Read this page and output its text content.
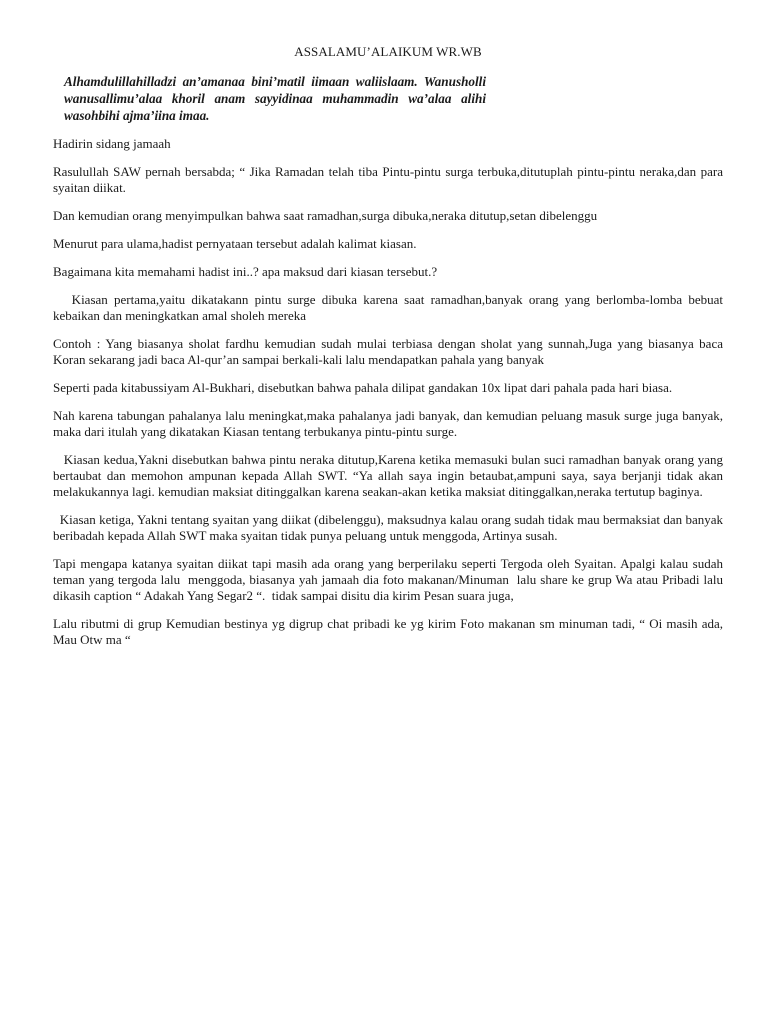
ASSALAMU’ALAIKUM WR.WB
Alhamdulillahilladzi an’amanaa bini’matil iimaan waliislaam. Wanusholli wanusallimu’alaa khoril anam sayyidinaa muhammadin wa’alaa alihi wasohbihi ajma’iina imaa.
Hadirin sidang jamaah
Rasulullah SAW pernah bersabda; “ Jika Ramadan telah tiba Pintu-pintu surga terbuka,ditutuplah pintu-pintu neraka,dan para syaitan diikat.
Dan kemudian orang menyimpulkan bahwa saat ramadhan,surga dibuka,neraka ditutup,setan dibelenggu
Menurut para ulama,hadist pernyataan tersebut adalah kalimat kiasan.
Bagaimana kita memahami hadist ini..? apa maksud dari kiasan tersebut.?
Kiasan pertama,yaitu dikatakann pintu surge dibuka karena saat ramadhan,banyak orang yang berlomba-lomba bebuat kebaikan dan meningkatkan amal sholeh mereka
Contoh : Yang biasanya sholat fardhu kemudian sudah mulai terbiasa dengan sholat yang sunnah,Juga yang biasanya baca Koran sekarang jadi baca Al-qur’an sampai berkali-kali lalu mendapatkan pahala yang banyak
Seperti pada kitabussiyam Al-Bukhari, disebutkan bahwa pahala dilipat gandakan 10x lipat dari pahala pada hari biasa.
Nah karena tabungan pahalanya lalu meningkat,maka pahalanya jadi banyak, dan kemudian peluang masuk surge juga banyak, maka dari itulah yang dikatakan Kiasan tentang terbukanya pintu-pintu surge.
Kiasan kedua,Yakni disebutkan bahwa pintu neraka ditutup,Karena ketika memasuki bulan suci ramadhan banyak orang yang bertaubat dan memohon ampunan kepada Allah SWT. “Ya allah saya ingin betaubat,ampuni saya, saya berjanji tidak akan melakukannya lagi. kemudian maksiat ditinggalkan karena seakan-akan ketika maksiat ditinggalkan,neraka tertutup baginya.
Kiasan ketiga, Yakni tentang syaitan yang diikat (dibelenggu), maksudnya kalau orang sudah tidak mau bermaksiat dan banyak beribadah kepada Allah SWT maka syaitan tidak punya peluang untuk menggoda, Artinya susah.
Tapi mengapa katanya syaitan diikat tapi masih ada orang yang berperilaku seperti Tergoda oleh Syaitan. Apalgi kalau sudah teman yang tergoda lalu  menggoda, biasanya yah jamaah dia foto makanan/Minuman  lalu share ke grup Wa atau Pribadi lalu dikasih caption “ Adakah Yang Segar2 “.  tidak sampai disitu dia kirim Pesan suara juga,
Lalu ributmi di grup Kemudian bestinya yg digrup chat pribadi ke yg kirim Foto makanan sm minuman tadi, “ Oi masih ada, Mau Otw ma “
